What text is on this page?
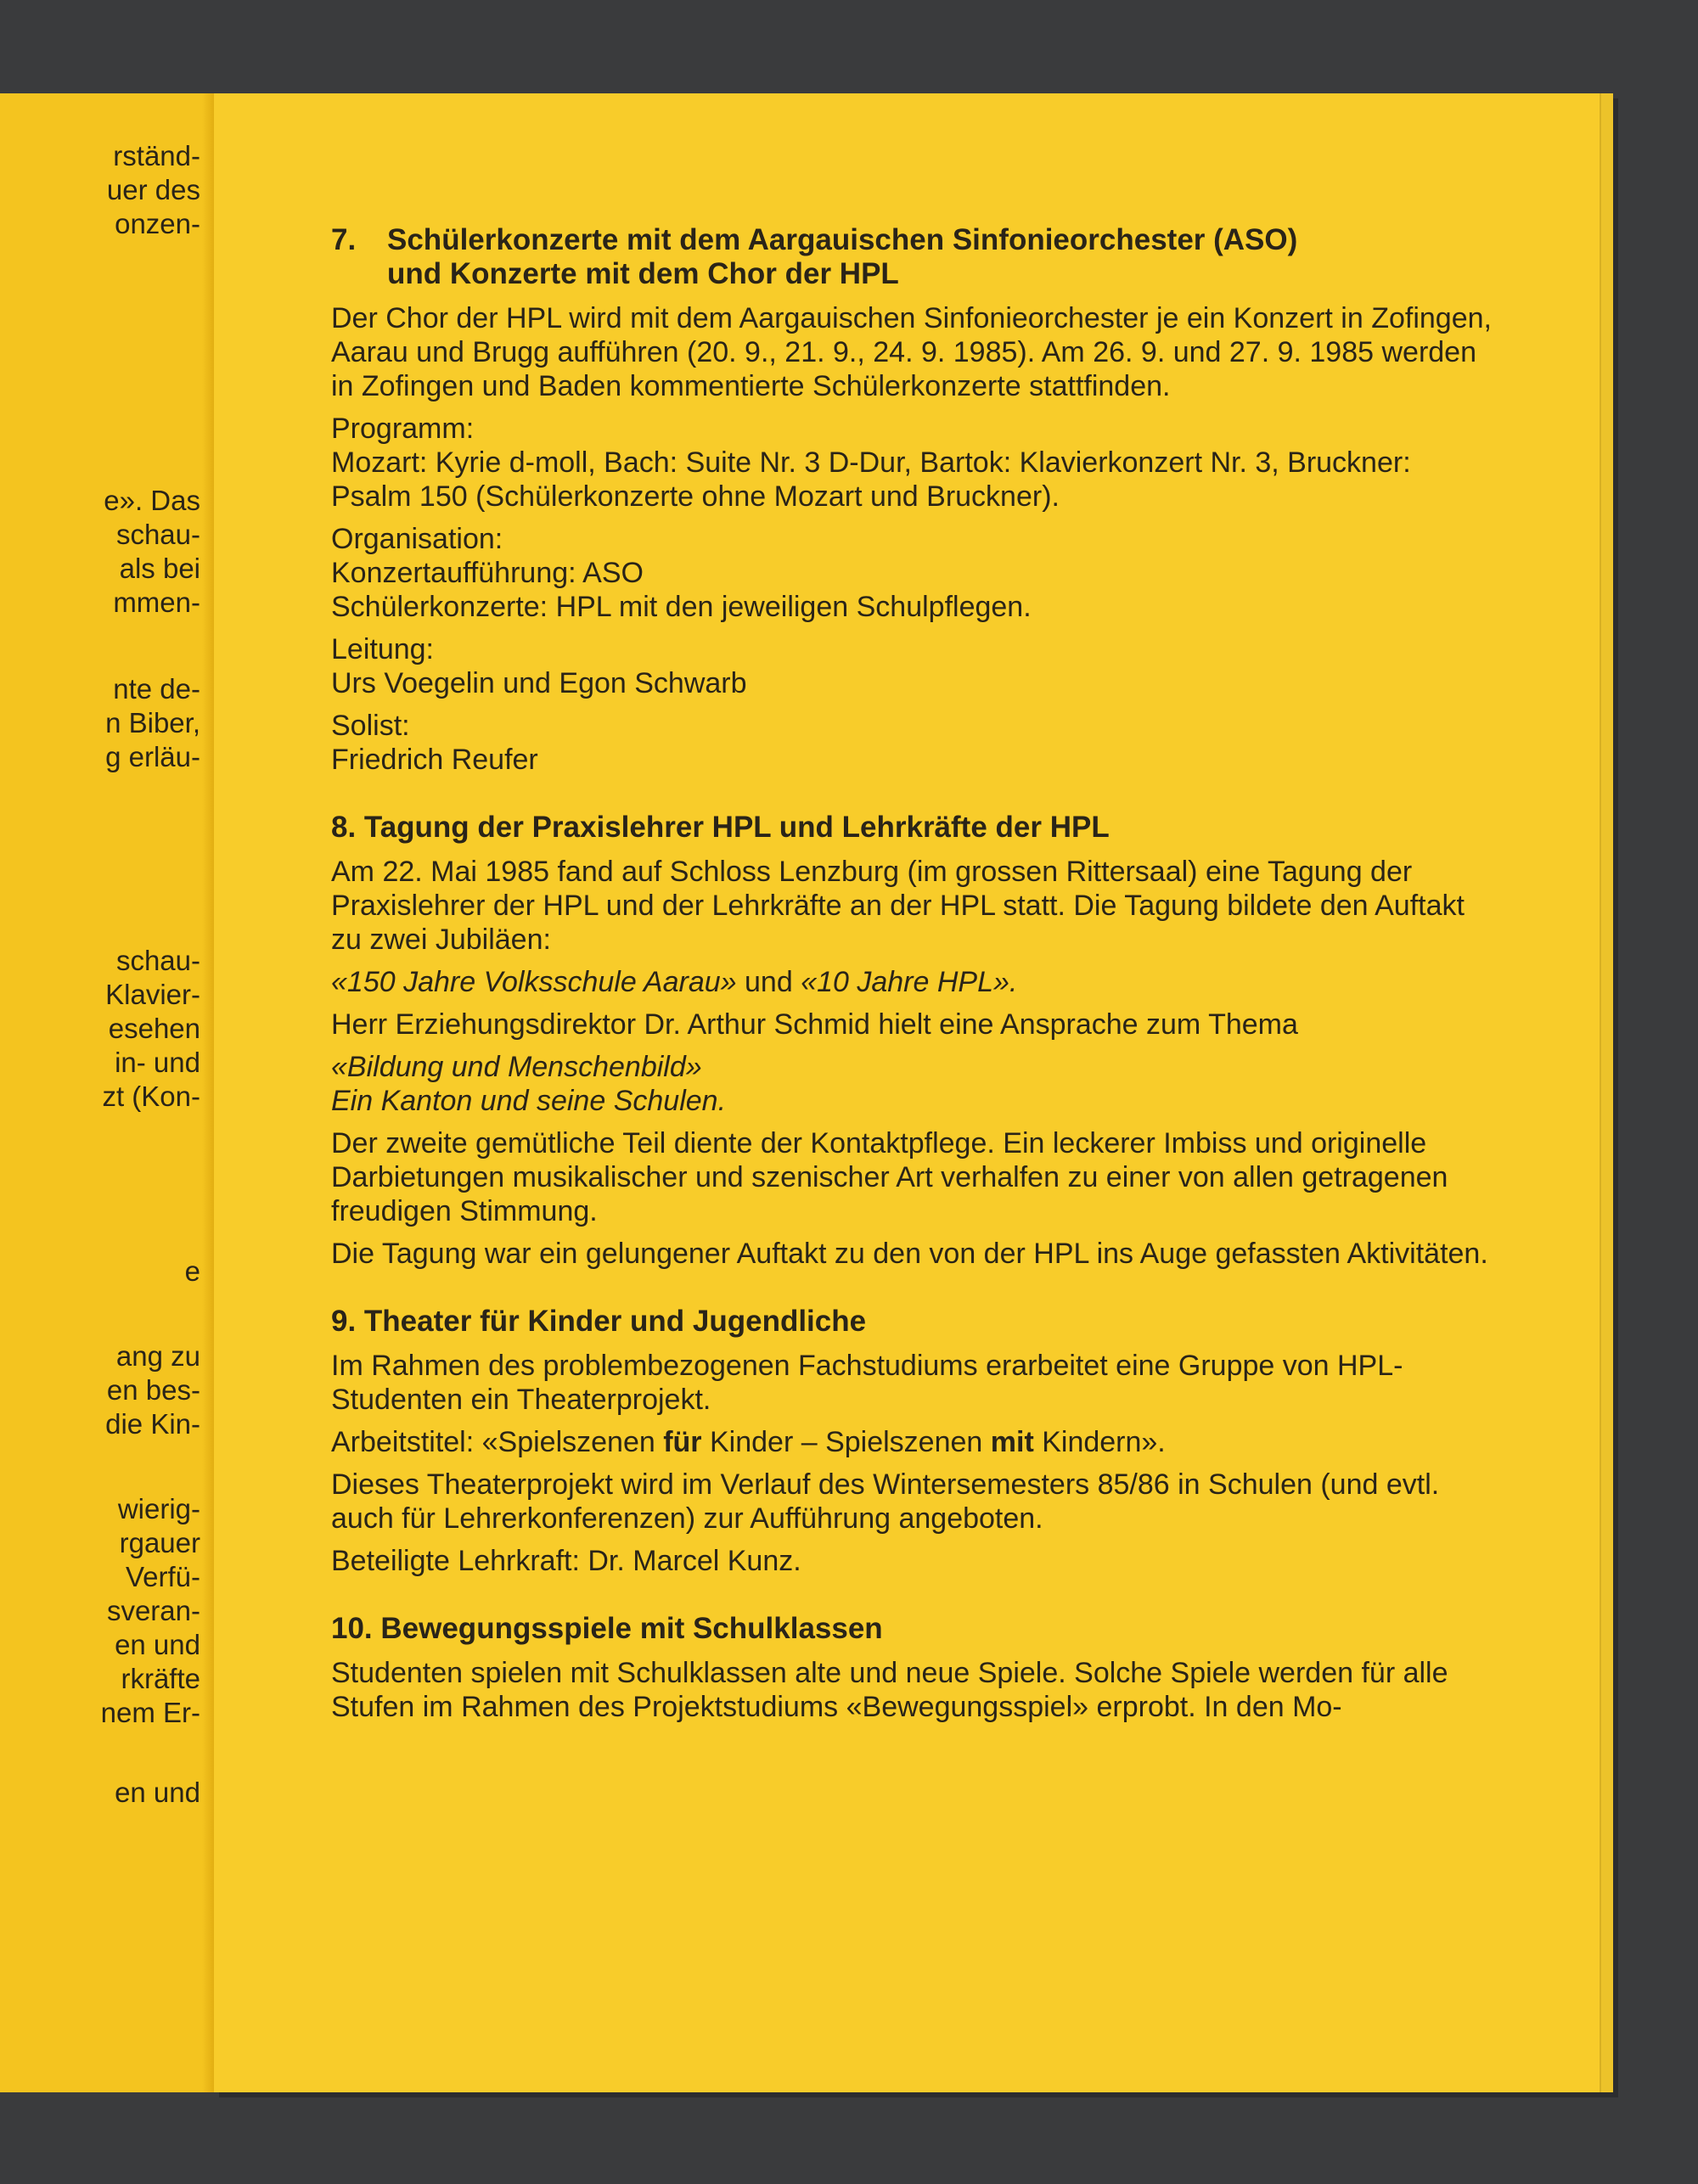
rständ-
uer des
onzen-
e». Das
schau-
als bei
mmen-
nte de-
n Biber,
g erläu-
schau-
Klavier-
esehen
in- und
zt (Kon-
e
ang zu
en bes-
die Kin-
wierig-
rgauer
Verfü-
sveran-
en und
rkräfte
nem Er-
en und
7.	Schülerkonzerte mit dem Aargauischen Sinfonieorchester (ASO)
und Konzerte mit dem Chor der HPL

Der Chor der HPL wird mit dem Aargauischen Sinfonieorchester je ein Konzert in Zofingen, Aarau und Brugg aufführen (20. 9., 21. 9., 24. 9. 1985). Am 26. 9. und 27. 9. 1985 werden in Zofingen und Baden kommentierte Schülerkonzerte stattfinden.

Programm:
Mozart: Kyrie d-moll, Bach: Suite Nr. 3 D-Dur, Bartok: Klavierkonzert Nr. 3, Bruckner: Psalm 150 (Schülerkonzerte ohne Mozart und Bruckner).

Organisation:
Konzertaufführung: ASO
Schülerkonzerte: HPL mit den jeweiligen Schulpflegen.

Leitung:
Urs Voegelin und Egon Schwarb

Solist:
Friedrich Reufer

8. Tagung der Praxislehrer HPL und Lehrkräfte der HPL

Am 22. Mai 1985 fand auf Schloss Lenzburg (im grossen Rittersaal) eine Tagung der Praxislehrer der HPL und der Lehrkräfte an der HPL statt. Die Tagung bildete den Auftakt zu zwei Jubiläen:

«150 Jahre Volksschule Aarau» und «10 Jahre HPL».

Herr Erziehungsdirektor Dr. Arthur Schmid hielt eine Ansprache zum Thema

«Bildung und Menschenbild»
Ein Kanton und seine Schulen.

Der zweite gemütliche Teil diente der Kontaktpflege. Ein leckerer Imbiss und originelle Darbietungen musikalischer und szenischer Art verhalfen zu einer von allen getragenen freudigen Stimmung.

Die Tagung war ein gelungener Auftakt zu den von der HPL ins Auge gefassten Aktivitäten.

9. Theater für Kinder und Jugendliche

Im Rahmen des problembezogenen Fachstudiums erarbeitet eine Gruppe von HPL-Studenten ein Theaterprojekt.

Arbeitstitel: «Spielszenen für Kinder – Spielszenen mit Kindern».

Dieses Theaterprojekt wird im Verlauf des Wintersemesters 85/86 in Schulen (und evtl. auch für Lehrerkonferenzen) zur Aufführung angeboten.

Beteiligte Lehrkraft: Dr. Marcel Kunz.

10. Bewegungsspiele mit Schulklassen

Studenten spielen mit Schulklassen alte und neue Spiele. Solche Spiele werden für alle Stufen im Rahmen des Projektstudiums «Bewegungsspiel» erprobt. In den Mo-
